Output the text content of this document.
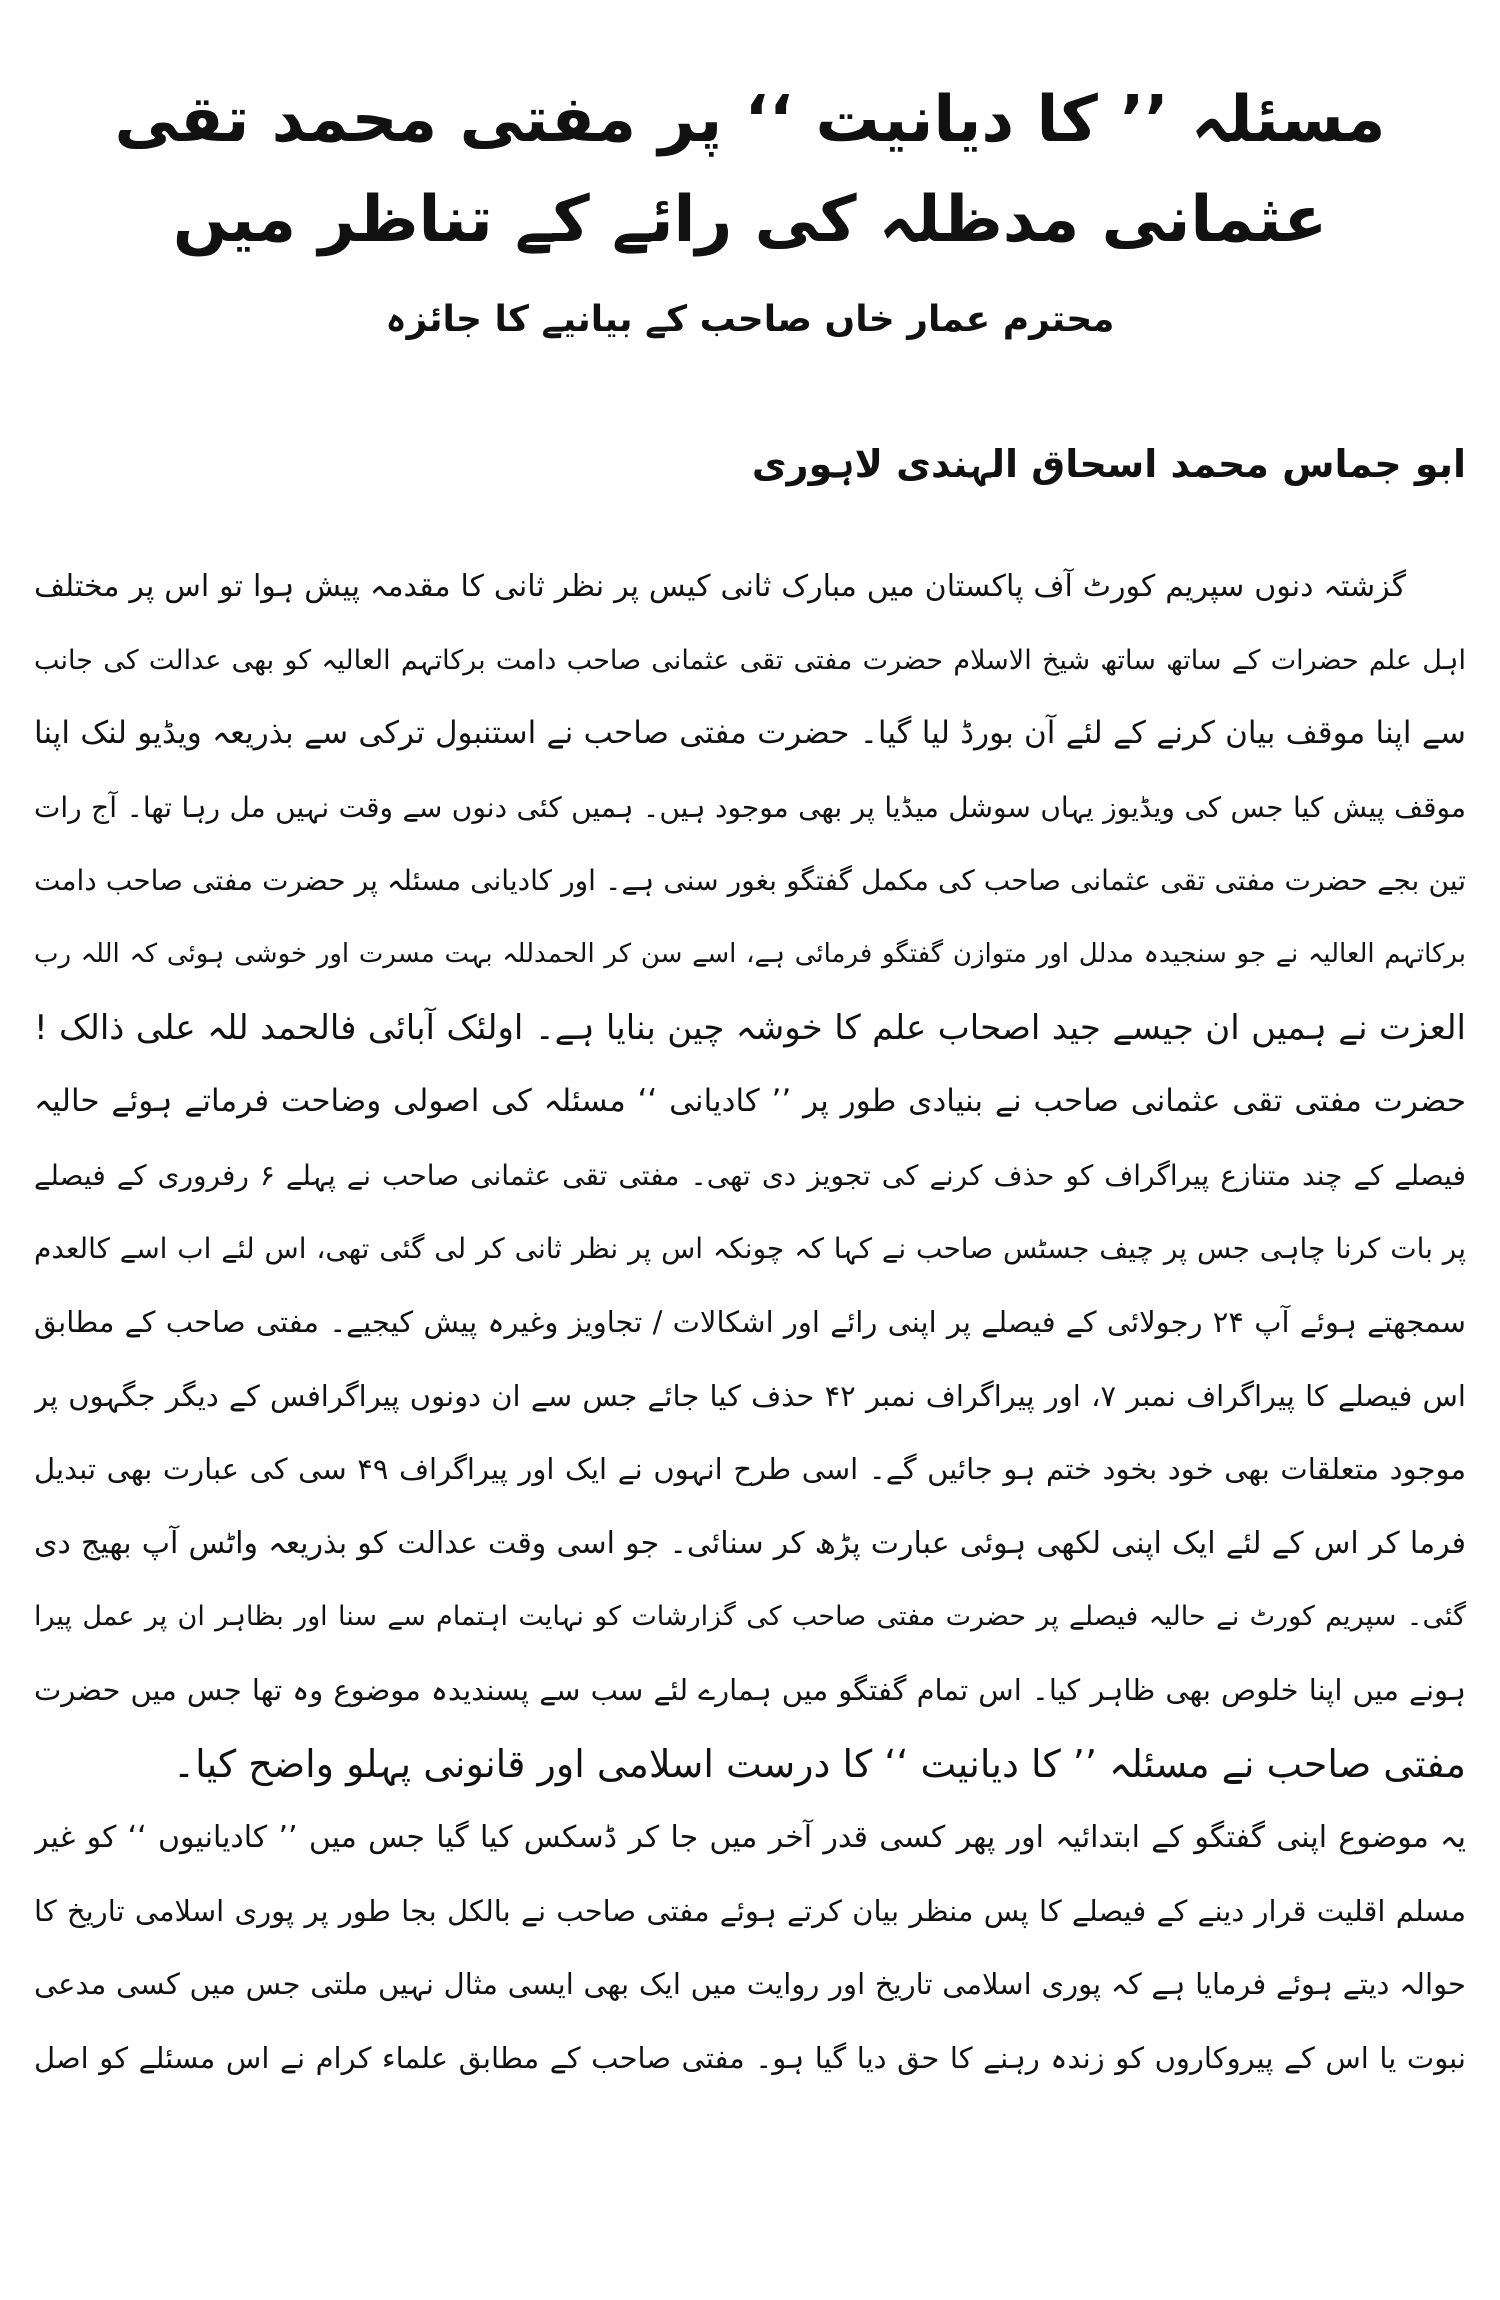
مسئلہ ’’ کا دیانیت ‘‘ پر مفتی محمد تقی عثمانی مدظلہ کی رائے کے تناظر میں
محترم عمار خاں صاحب کے بیانیے کا جائزہ
ابو جماس محمد اسحاق الہندی لاہوری
گزشتہ دنوں سپریم کورٹ آف پاکستان میں مبارک ثانی کیس پر نظر ثانی کا مقدمہ پیش ہوا تو اس پر مختلف
اہل علم حضرات کے ساتھ ساتھ شیخ الاسلام حضرت مفتی تقی عثمانی صاحب دامت برکاتہم العالیہ کو بھی عدالت کی جانب
سے اپنا موقف بیان کرنے کے لئے آن بورڈ لیا گیا۔ حضرت مفتی صاحب نے استنبول ترکی سے بذریعہ ویڈیو لنک اپنا
موقف پیش کیا جس کی ویڈیوز یہاں سوشل میڈیا پر بھی موجود ہیں۔ ہمیں کئی دنوں سے وقت نہیں مل رہا تھا۔ آج رات
تین بجے حضرت مفتی تقی عثمانی صاحب کی مکمل گفتگو بغور سنی ہے۔ اور کادیانی مسئلہ پر حضرت مفتی صاحب دامت
برکاتہم العالیہ نے جو سنجیدہ مدلل اور متوازن گفتگو فرمائی ہے، اسے سن کر الحمدللہ بہت مسرت اور خوشی ہوئی کہ اللہ رب
العزت نے ہمیں ان جیسے جید اصحاب علم کا خوشہ چین بنایا ہے۔ اولئک آبائی فالحمد للہ علی ذالک !
حضرت مفتی تقی عثمانی صاحب نے بنیادی طور پر ’’ کادیانی ‘‘ مسئلہ کی اصولی وضاحت فرماتے ہوئے حالیہ
فیصلے کے چند متنازع پیراگراف کو حذف کرنے کی تجویز دی تھی۔ مفتی تقی عثمانی صاحب نے پہلے ۶ رفروری کے فیصلے
پر بات کرنا چاہی جس پر چیف جسٹس صاحب نے کہا کہ چونکہ اس پر نظر ثانی کر لی گئی تھی، اس لئے اب اسے کالعدم
سمجھتے ہوئے آپ ۲۴ رجولائی کے فیصلے پر اپنی رائے اور اشکالات / تجاویز وغیرہ پیش کیجیے۔ مفتی صاحب کے مطابق
اس فیصلے کا پیراگراف نمبر ۷، اور پیراگراف نمبر ۴۲ حذف کیا جائے جس سے ان دونوں پیراگرافس کے دیگر جگہوں پر
موجود متعلقات بھی خود بخود ختم ہو جائیں گے۔ اسی طرح انہوں نے ایک اور پیراگراف ۴۹ سی کی عبارت بھی تبدیل
فرما کر اس کے لئے ایک اپنی لکھی ہوئی عبارت پڑھ کر سنائی۔ جو اسی وقت عدالت کو بذریعہ واٹس آپ بھیج دی
گئی۔ سپریم کورٹ نے حالیہ فیصلے پر حضرت مفتی صاحب کی گزارشات کو نہایت اہتمام سے سنا اور بظاہر ان پر عمل پیرا
ہونے میں اپنا خلوص بھی ظاہر کیا۔ اس تمام گفتگو میں ہمارے لئے سب سے پسندیدہ موضوع وہ تھا جس میں حضرت
مفتی صاحب نے مسئلہ ’’ کا دیانیت ‘‘ کا درست اسلامی اور قانونی پہلو واضح کیا۔
یہ موضوع اپنی گفتگو کے ابتدائیہ اور پھر کسی قدر آخر میں جا کر ڈسکس کیا گیا جس میں ’’ کادیانیوں ‘‘ کو غیر
مسلم اقلیت قرار دینے کے فیصلے کا پس منظر بیان کرتے ہوئے مفتی صاحب نے بالکل بجا طور پر پوری اسلامی تاریخ کا
حوالہ دیتے ہوئے فرمایا ہے کہ پوری اسلامی تاریخ اور روایت میں ایک بھی ایسی مثال نہیں ملتی جس میں کسی مدعی
نبوت یا اس کے پیروکاروں کو زندہ رہنے کا حق دیا گیا ہو۔ مفتی صاحب کے مطابق علماء کرام نے اس مسئلے کو اصل
